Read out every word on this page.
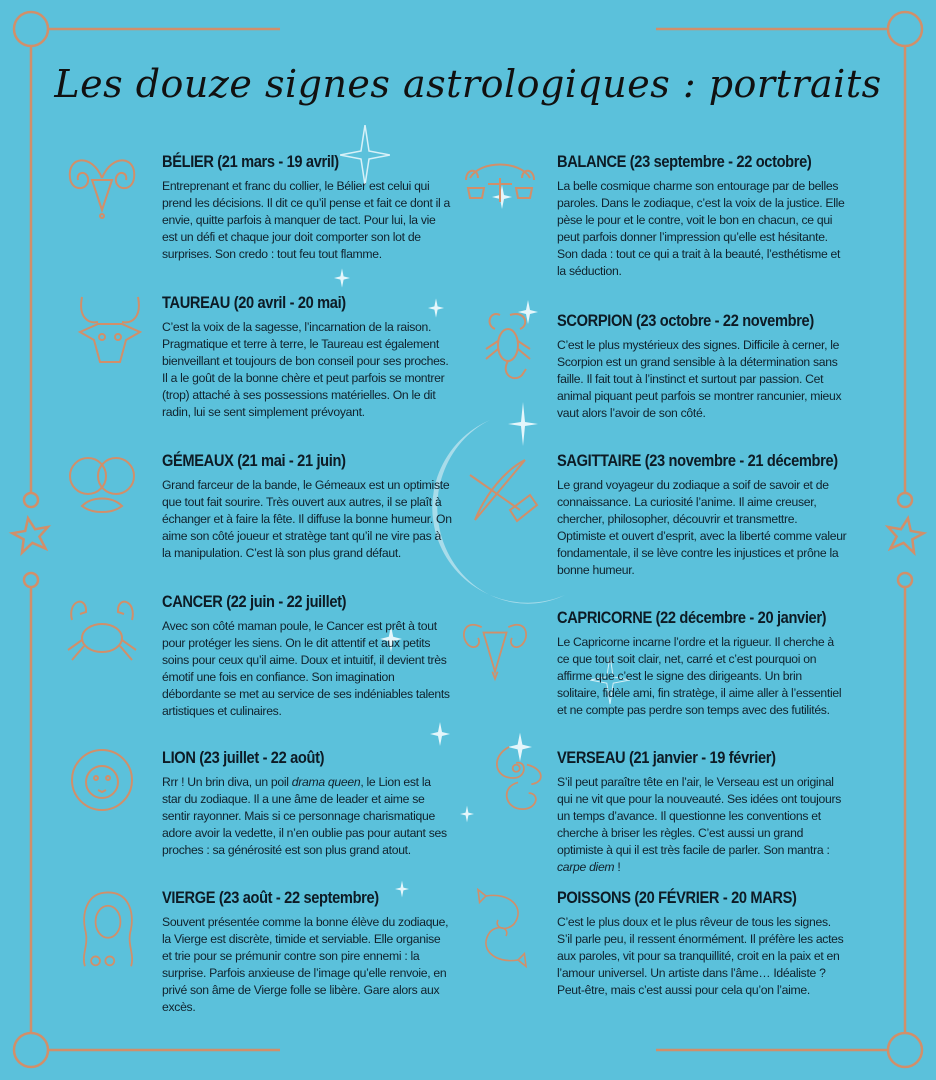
Les douze signes astrologiques : portraits
BÉLIER (21 mars - 19 avril)

Entreprenant et franc du collier, le Bélier est celui qui prend les décisions. Il dit ce qu’il pense et fait ce dont il a envie, quitte parfois à manquer de tact. Pour lui, la vie est un défi et chaque jour doit comporter son lot de surprises. Son credo : tout feu tout flamme.

TAUREAU (20 avril - 20 mai)

C’est la voix de la sagesse, l’incarnation de la raison. Pragmatique et terre à terre, le Taureau est également bienveillant et toujours de bon conseil pour ses proches. Il a le goût de la bonne chère et peut parfois se montrer (trop) attaché à ses possessions matérielles. On le dit radin, lui se sent simplement prévoyant.

GÉMEAUX (21 mai - 21 juin)

Grand farceur de la bande, le Gémeaux est un optimiste que tout fait sourire. Très ouvert aux autres, il se plaît à échanger et à faire la fête. Il diffuse la bonne humeur. On aime son côté joueur et stratège tant qu’il ne vire pas à la manipulation. C’est là son plus grand défaut.

CANCER (22 juin - 22 juillet)

Avec son côté maman poule, le Cancer est prêt à tout pour protéger les siens. On le dit attentif et aux petits soins pour ceux qu’il aime. Doux et intuitif, il devient très émotif une fois en confiance. Son imagination débordante se met au service de ses indéniables talents artistiques et culinaires.

LION (23 juillet - 22 août)

Rrr ! Un brin diva, un poil drama queen, le Lion est la star du zodiaque. Il a une âme de leader et aime se sentir rayonner. Mais si ce personnage charismatique adore avoir la vedette, il n’en oublie pas pour autant ses proches : sa générosité est son plus grand atout.

VIERGE (23 août - 22 septembre)

Souvent présentée comme la bonne élève du zodiaque, la Vierge est discrète, timide et serviable. Elle organise et trie pour se prémunir contre son pire ennemi : la surprise. Parfois anxieuse de l’image qu’elle renvoie, en privé son âme de Vierge folle se libère. Gare alors aux excès.

BALANCE (23 septembre - 22 octobre)

La belle cosmique charme son entourage par de belles paroles. Dans le zodiaque, c’est la voix de la justice. Elle pèse le pour et le contre, voit le bon en chacun, ce qui peut parfois donner l’impression qu’elle est hésitante. Son dada : tout ce qui a trait à la beauté, l’esthétisme et la séduction.

SCORPION (23 octobre - 22 novembre)

C’est le plus mystérieux des signes. Difficile à cerner, le Scorpion est un grand sensible à la détermination sans faille. Il fait tout à l’instinct et surtout par passion. Cet animal piquant peut parfois se montrer rancunier, mieux vaut alors l’avoir de son côté.

SAGITTAIRE (23 novembre - 21 décembre)

Le grand voyageur du zodiaque a soif de savoir et de connaissance. La curiosité l’anime. Il aime creuser, chercher, philosopher, découvrir et transmettre. Optimiste et ouvert d’esprit, avec la liberté comme valeur fondamentale, il se lève contre les injustices et prône la bonne humeur.

CAPRICORNE (22 décembre - 20 janvier)

Le Capricorne incarne l’ordre et la rigueur. Il cherche à ce que tout soit clair, net, carré et c’est pourquoi on affirme que c’est le signe des dirigeants. Un brin solitaire, fidèle ami, fin stratège, il aime aller à l’essentiel et ne compte pas perdre son temps avec des futilités.

VERSEAU (21 janvier - 19 février)

S’il peut paraître tête en l’air, le Verseau est un original qui ne vit que pour la nouveauté. Ses idées ont toujours un temps d’avance. Il questionne les conventions et cherche à briser les règles. C’est aussi un grand optimiste à qui il est très facile de parler. Son mantra : carpe diem !

POISSONS (20 FÉVRIER - 20 MARS)

C’est le plus doux et le plus rêveur de tous les signes. S’il parle peu, il ressent énormément. Il préfère les actes aux paroles, vit pour sa tranquillité, croit en la paix et en l’amour universel. Un artiste dans l’âme… Idéaliste ? Peut-être, mais c’est aussi pour cela qu’on l’aime.
